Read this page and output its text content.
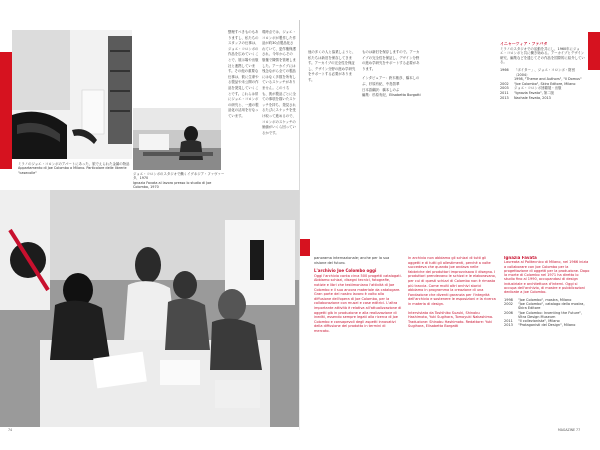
ミラノのジョエ・コロンボのアパートにあった、旅でえられた金属の物品
Appartamento di Joe Colombo a Milano. Particolare delle librerie "casecolle"	ジョエ・コロンボのスタジオで働くイグネジア・ファヴァータ、1970
Ignazia Favata al lavoro presso lo studio di Joe Colombo, 1970
整理すべきものもありますし、私たちのスタッフの仕事は、ジョエ・コロンボの作品を広めていくことで、展示場や出版社と連携しています。その他の重要な仕事は、彼に生命やる製品や未公開の作品を発見していくことです。これらは常にジョエ・コロンボの研究と、一連の製品化の活用を行なっています。
現時点では、ジョエ・コロンボが製作した作品が約30点製品化されていて、更作権保護され、今年からその版権で陳情を管理しました。アーカイブには残念ながら全ての製品にはなく多数を所有しているスケッチがありません。このうちも、彼が製品ごとに全ての事項を描いたスケッチを持ち、発見されるたびにスケッチを受け取って進めるので、コロンボのスケッチの価値がいくら回っているかです。
74
他の多くの人と協業しようと、私たちは新旧を保存してきます。アーカイブの完全性を保証し、デザイン分野の進め学研究をサポートする必要があります。
ものは新旧を保存しますので。アーカイブの完全性を保証し、デザイン分野の進め学研究をサポートする必要があります。
インタビュアー：鈴木敏彦、橋本しのぶ、杉原有紀、中島智華
日本語翻訳：橋本しのぶ
編集：杉原有紀、Elisabetta Borgatti
イニャーツィア・ファバタ
ミラノのスタジオでの活動を共にし、1960年にジョエ・コロンボと共に働き始める。アーカイブとデザイン研究、編集などを通じてその作品を国際的に紹介している。
1966	「ポイター」、ジョエ・コロンボ・財団（2004）
1998, "Theme and Authors", "Il Domus"
2002	"Joe Colombo", Skira Editore, Milano
2003	ジョエ・コロンボ回顧展・出版
2011	"Ignazia Favata", 第二版
2013	Nachale Favata, 2013
panorama internazionale; anche per la sua visione del futuro.
L'archivio Joe Colombo oggi
Oggi l'archivio conta circa 500 progetti catalogati. Abbiamo schizzi, disegni tecnici, fotografie, notizie e libri che testimoniano l'attività di Joe Colombo e il suo ancora materiale da catalogare. Gran parte del nostro lavoro è volto alla diffusione dell'opera di Joe Colombo, per la collaborazione con musei e case editrici. L'altra importante attività è relativa all'attualizzazione di oggetti già in produzione e alla realizzazione di inediti, essendo sempre legati alla ricerca di Joe Colombo e consapevoli degli aspetti innovativi della diffusione del prodotto in termini di mercato.
In archivio non abbiamo gli schizzi di tutti gli oggetti e di tutti gli allestimenti, perché a volte succedeva che quando Joe andava nelle fabbriche dei produttori improvvisava il disegno. I produttori prendevano le schizzi e le elaboravano, per cui di questi schizzi di Colombo non è rimasta più traccia. Come molti altri archivi storici abbiamo in programma la creazione di una Fondazione che diventi garanzia per l'integrità dell'archivio e sostenere le esposizioni e la ricerca in materia di design.
Intervistata da Toshihiko Suzuki, Shinobu Hashimoto, Yuki Sugihara, Tomoyuki Nakashima. Traduzione: Shinobu Hashimoto. Redattore: Yuki Sugihara, Elisabetta Borgatti
Ignazia Favata
Laureata al Politecnico di Milano, nel 1966 inizia a collaborare con Joe Colombo per la progettazione di oggetti per la produzione. Dopo la morte di Colombo nel 1971 ha diretto lo studio fino al 1990, occupandosi di design industriale e architettura d'interni. Oggi si occupa dell'archivio, di mostre e pubblicazioni dedicate a Joe Colombo.
1998	"Joe Colombo", mostra, Milano
2002	"Joe Colombo", catalogo della mostra, Skira Editore
2006	"Joe Colombo: Inventing the Future", Vitra Design Museum
2011	"Il collezionista", Milano
2013	"Protagonisti del Design", Milano
MAGAZINE 77
